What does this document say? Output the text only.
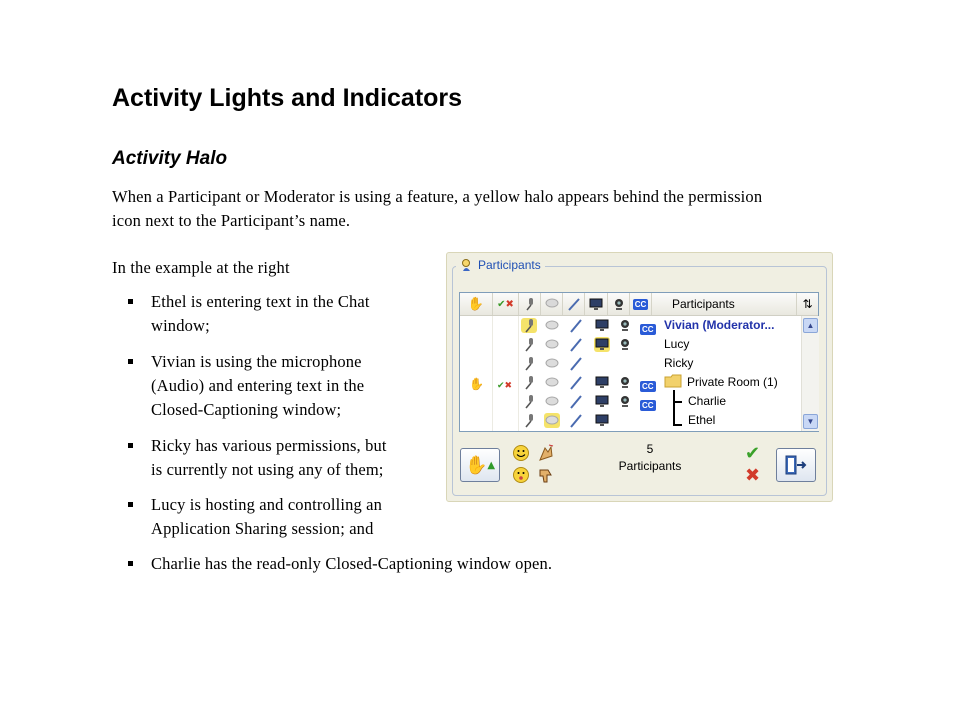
Activity Lights and Indicators
Activity Halo
When a Participant or Moderator is using a feature, a yellow halo appears behind the permission icon next to the Participant’s name.
In the example at the right
Ethel is entering text in the Chat
window;
Vivian is using the microphone
(Audio) and entering text in the
Closed-Captioning window;
Ricky has various permissions, but
is currently not using any of them;
Lucy is hosting and controlling an
Application Sharing session; and
Charlie has the read-only Closed-Captioning window open.
Participants
✋ ✔✖	CC Participants	⇅
Vivian (Moderator...
Lucy
Ricky
Private Room (1)
Charlie
Ethel
▲
▼
✋ ▲
5
Participants
✔
✖
CC
CC
CC
✋ ✔✖
